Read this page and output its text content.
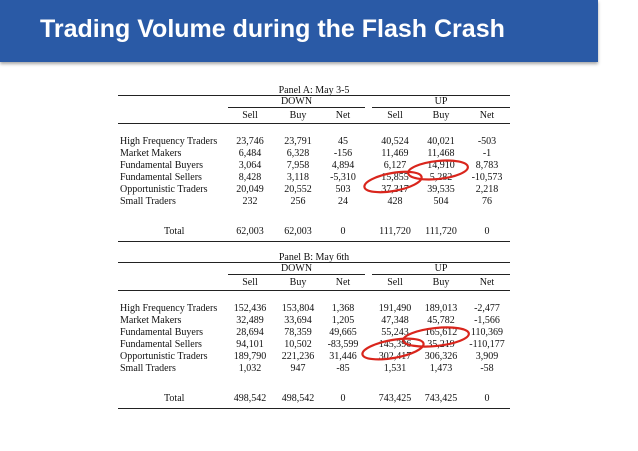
Trading Volume during the Flash Crash
Panel A: May 3-5
DOWN	UP
Sell	Buy	Net	Sell	Buy	Net
High Frequency Traders	23,746	23,791	45	40,524	40,021	-503
Market Makers	6,484	6,328	-156	11,469	11,468	-1
Fundamental Buyers	3,064	7,958	4,894	6,127	14,910	8,783
Fundamental Sellers	8,428	3,118	-5,310	15,855	5,282	-10,573
Opportunistic Traders	20,049	20,552	503	37,317	39,535	2,218
Small Traders	232	256	24	428	504	76
Total	62,003	62,003	0	111,720	111,720	0
Panel B: May 6th
DOWN	UP
Sell	Buy	Net	Sell	Buy	Net
High Frequency Traders	152,436	153,804	1,368	191,490	189,013	-2,477
Market Makers	32,489	33,694	1,205	47,348	45,782	-1,566
Fundamental Buyers	28,694	78,359	49,665	55,243	165,612	110,369
Fundamental Sellers	94,101	10,502	-83,599	145,396	35,219	-110,177
Opportunistic Traders	189,790	221,236	31,446	302,417	306,326	3,909
Small Traders	1,032	947	-85	1,531	1,473	-58
Total	498,542	498,542	0	743,425	743,425	0
